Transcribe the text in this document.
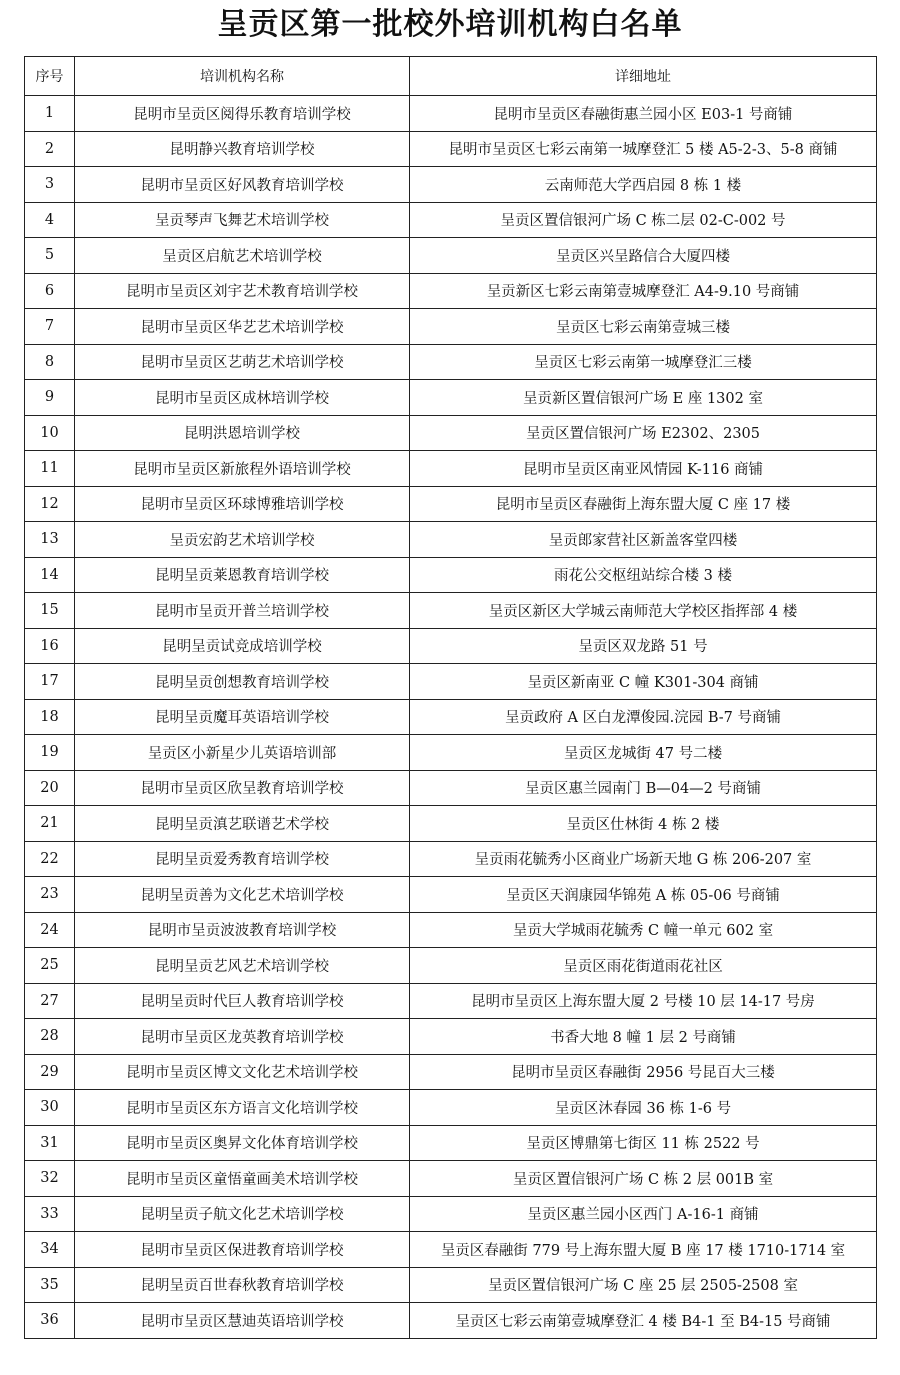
呈贡区第一批校外培训机构白名单
序号	培训机构名称	详细地址
1	昆明市呈贡区阅得乐教育培训学校	昆明市呈贡区春融街惠兰园小区 E03-1 号商铺
2	昆明静兴教育培训学校	昆明市呈贡区七彩云南第一城摩登汇 5 楼 A5-2-3、5-8 商铺
3	昆明市呈贡区好风教育培训学校	云南师范大学西启园 8 栋 1 楼
4	呈贡琴声飞舞艺术培训学校	呈贡区置信银河广场 C 栋二层 02-C-002 号
5	呈贡区启航艺术培训学校	呈贡区兴呈路信合大厦四楼
6	昆明市呈贡区刘宇艺术教育培训学校	呈贡新区七彩云南第壹城摩登汇 A4-9.10 号商铺
7	昆明市呈贡区华艺艺术培训学校	呈贡区七彩云南第壹城三楼
8	昆明市呈贡区艺萌艺术培训学校	呈贡区七彩云南第一城摩登汇三楼
9	昆明市呈贡区成林培训学校	呈贡新区置信银河广场 E 座 1302 室
10	昆明洪恩培训学校	呈贡区置信银河广场 E2302、2305
11	昆明市呈贡区新旅程外语培训学校	昆明市呈贡区南亚风情园 K-116 商铺
12	昆明市呈贡区环球博雅培训学校	昆明市呈贡区春融街上海东盟大厦 C 座 17 楼
13	呈贡宏韵艺术培训学校	呈贡郎家营社区新盖客堂四楼
14	昆明呈贡莱恩教育培训学校	雨花公交枢纽站综合楼 3 楼
15	昆明市呈贡开普兰培训学校	呈贡区新区大学城云南师范大学校区指挥部 4 楼
16	昆明呈贡试竞成培训学校	呈贡区双龙路 51 号
17	昆明呈贡创想教育培训学校	呈贡区新南亚 C 幢 K301-304 商铺
18	昆明呈贡魔耳英语培训学校	呈贡政府 A 区白龙潭俊园.浣园 B-7 号商铺
19	呈贡区小新星少儿英语培训部	呈贡区龙城街 47 号二楼
20	昆明市呈贡区欣呈教育培训学校	呈贡区惠兰园南门 B—04—2 号商铺
21	昆明呈贡滇艺联谱艺术学校	呈贡区仕林街 4 栋 2 楼
22	昆明呈贡爱秀教育培训学校	呈贡雨花毓秀小区商业广场新天地 G 栋 206-207 室
23	昆明呈贡善为文化艺术培训学校	呈贡区天润康园华锦苑 A 栋 05-06 号商铺
24	昆明市呈贡波波教育培训学校	呈贡大学城雨花毓秀 C 幢一单元 602 室
25	昆明呈贡艺风艺术培训学校	呈贡区雨花街道雨花社区
27	昆明呈贡时代巨人教育培训学校	昆明市呈贡区上海东盟大厦 2 号楼 10 层 14-17 号房
28	昆明市呈贡区龙英教育培训学校	书香大地 8 幢 1 层 2 号商铺
29	昆明市呈贡区博文文化艺术培训学校	昆明市呈贡区春融街 2956 号昆百大三楼
30	昆明市呈贡区东方语言文化培训学校	呈贡区沐春园 36 栋 1-6 号
31	昆明市呈贡区奥昇文化体育培训学校	呈贡区博鼎第七街区 11 栋 2522 号
32	昆明市呈贡区童悟童画美术培训学校	呈贡区置信银河广场 C 栋 2 层 001B 室
33	昆明呈贡子航文化艺术培训学校	呈贡区惠兰园小区西门 A-16-1 商铺
34	昆明市呈贡区保进教育培训学校	呈贡区春融街 779 号上海东盟大厦 B 座 17 楼 1710-1714 室
35	昆明呈贡百世春秋教育培训学校	呈贡区置信银河广场 C 座 25 层 2505-2508 室
36	昆明市呈贡区慧迪英语培训学校	呈贡区七彩云南第壹城摩登汇 4 楼 B4-1 至 B4-15 号商铺
